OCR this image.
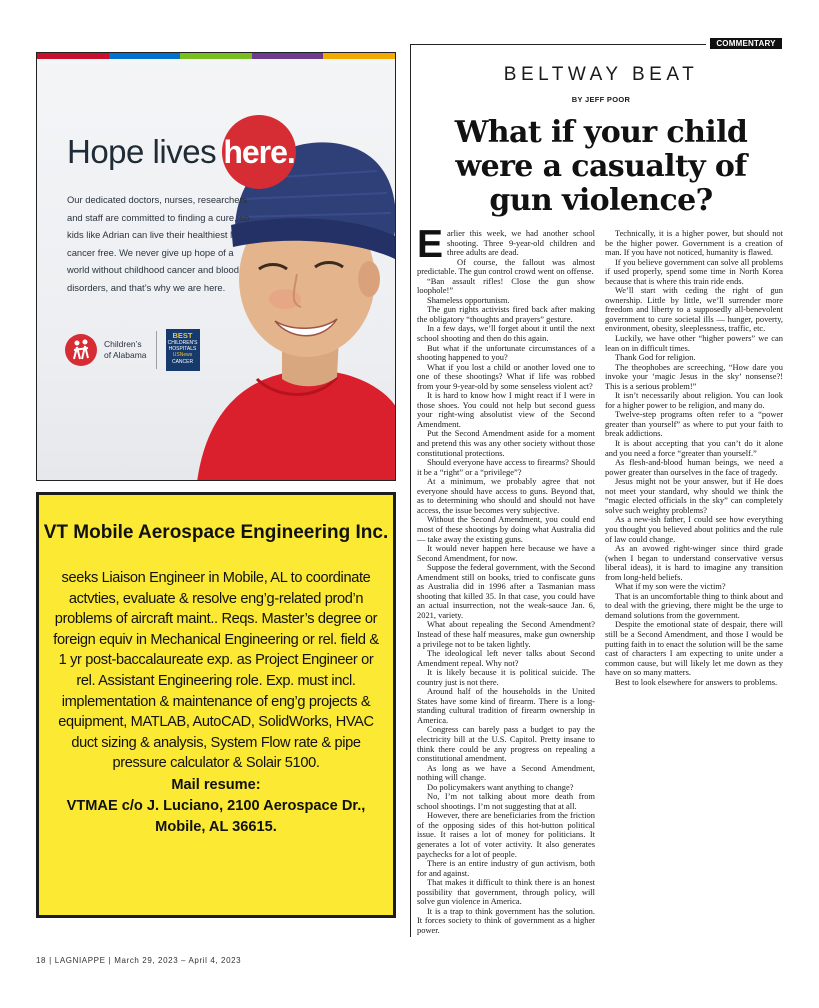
Hope lives here.
Our dedicated doctors, nurses, researchers and staff are committed to finding a cure, so kids like Adrian can live their healthiest life – cancer free. We never give up hope of a world without childhood cancer and blood disorders, and that’s why we are here.
Children’s
of Alabama
BEST
CHILDREN'S HOSPITALS
USNews
CANCER
VT Mobile Aerospace Engineering Inc.
seeks Liaison Engineer in Mobile, AL to coordinate actvties, evaluate & resolve eng’g-related prod’n problems of aircraft maint.. Reqs. Master’s degree or foreign equiv in Mechanical Engineering or rel. field & 1 yr post-baccalaureate exp. as Project Engineer or rel. Assistant Engineering role. Exp. must incl. implementation & maintenance of eng’g projects & equipment, MATLAB, AutoCAD, SolidWorks, HVAC duct sizing & analysis, System Flow rate & pipe pressure calculator & Solair 5100.
Mail resume:
VTMAE c/o J. Luciano, 2100 Aerospace Dr., Mobile, AL 36615.
COMMENTARY
BELTWAY BEAT
BY JEFF POOR
What if your child were a casualty of gun violence?

Earlier this week, we had another school shooting. Three 9-year-old children and three adults are dead.

Of course, the fallout was almost predictable. The gun control crowd went on offense.

“Ban assault rifles! Close the gun show loophole!”

Shameless opportunism.

The gun rights activists fired back after making the obligatory “thoughts and prayers” gesture.

In a few days, we’ll forget about it until the next school shooting and then do this again.

But what if the unfortunate circumstances of a shooting happened to you?

What if you lost a child or another loved one to one of these shootings? What if life was robbed from your 9-year-old by some senseless violent act?

It is hard to know how I might react if I were in those shoes. You could not help but second guess your right-wing absolutist view of the Second Amendment.

Put the Second Amendment aside for a moment and pretend this was any other society without those constitutional protections.

Should everyone have access to firearms? Should it be a “right” or a “privilege”?

At a minimum, we probably agree that not everyone should have access to guns. Beyond that, as to determining who should and should not have access, the issue becomes very subjective.

Without the Second Amendment, you could end most of these shootings by doing what Australia did — take away the existing guns.

It would never happen here because we have a Second Amendment, for now.

Suppose the federal government, with the Second Amendment still on books, tried to confiscate guns as Australia did in 1996 after a Tasmanian mass shooting that killed 35. In that case, you could have an actual insurrection, not the weak-sauce Jan. 6, 2021, variety.

What about repealing the Second Amendment? Instead of these half measures, make gun ownership a privilege not to be taken lightly.

The ideological left never talks about Second Amendment repeal. Why not?

It is likely because it is political suicide. The country just is not there.

Around half of the households in the United States have some kind of firearm. There is a long-standing cultural tradition of firearm ownership in America.

Congress can barely pass a budget to pay the electricity bill at the U.S. Capitol. Pretty insane to think there could be any progress on repealing a constitutional amendment.

As long as we have a Second Amendment, nothing will change.

Do policymakers want anything to change?

No, I’m not talking about more death from school shootings. I’m not suggesting that at all.

However, there are beneficiaries from the friction of the opposing sides of this hot-button political issue. It raises a lot of money for politicians. It generates a lot of voter activity. It also generates paychecks for a lot of people.

There is an entire industry of gun activism, both for and against.

That makes it difficult to think there is an honest possibility that government, through policy, will solve gun violence in America.

It is a trap to think government has the solution. It forces society to think of government as a higher power.

Technically, it is a higher power, but should not be the higher power. Government is a creation of man. If you have not noticed, humanity is flawed.

If you believe government can solve all problems if used properly, spend some time in North Korea because that is where this train ride ends.

We’ll start with ceding the right of gun ownership. Little by little, we’ll surrender more freedom and liberty to a supposedly all-benevolent government to cure societal ills — hunger, poverty, environment, obesity, sleeplessness, traffic, etc.

Luckily, we have other “higher powers” we can lean on in difficult times.

Thank God for religion.

The theophobes are screeching, “How dare you invoke your ‘magic Jesus in the sky’ nonsense?! This is a serious problem!”

It isn’t necessarily about religion. You can look for a higher power to be religion, and many do.

Twelve-step programs often refer to a “power greater than yourself” as where to put your faith to break addictions.

It is about accepting that you can’t do it alone and you need a force “greater than yourself.”

As flesh-and-blood human beings, we need a power greater than ourselves in the face of tragedy.

Jesus might not be your answer, but if He does not meet your standard, why should we think the “magic elected officials in the sky” can completely solve such weighty problems?

As a new-ish father, I could see how everything you thought you believed about politics and the rule of law could change.

As an avowed right-winger since third grade (when I began to understand conservative versus liberal ideas), it is hard to imagine any transition from long-held beliefs.

What if my son were the victim?

That is an uncomfortable thing to think about and to deal with the grieving, there might be the urge to demand solutions from the government.

Despite the emotional state of despair, there will still be a Second Amendment, and those I would be putting faith in to enact the solution will be the same cast of characters I am expecting to unite under a common cause, but will likely let me down as they have on so many matters.

Best to look elsewhere for answers to problems.

18 | LAGNIAPPE | March 29, 2023 – April 4, 2023
